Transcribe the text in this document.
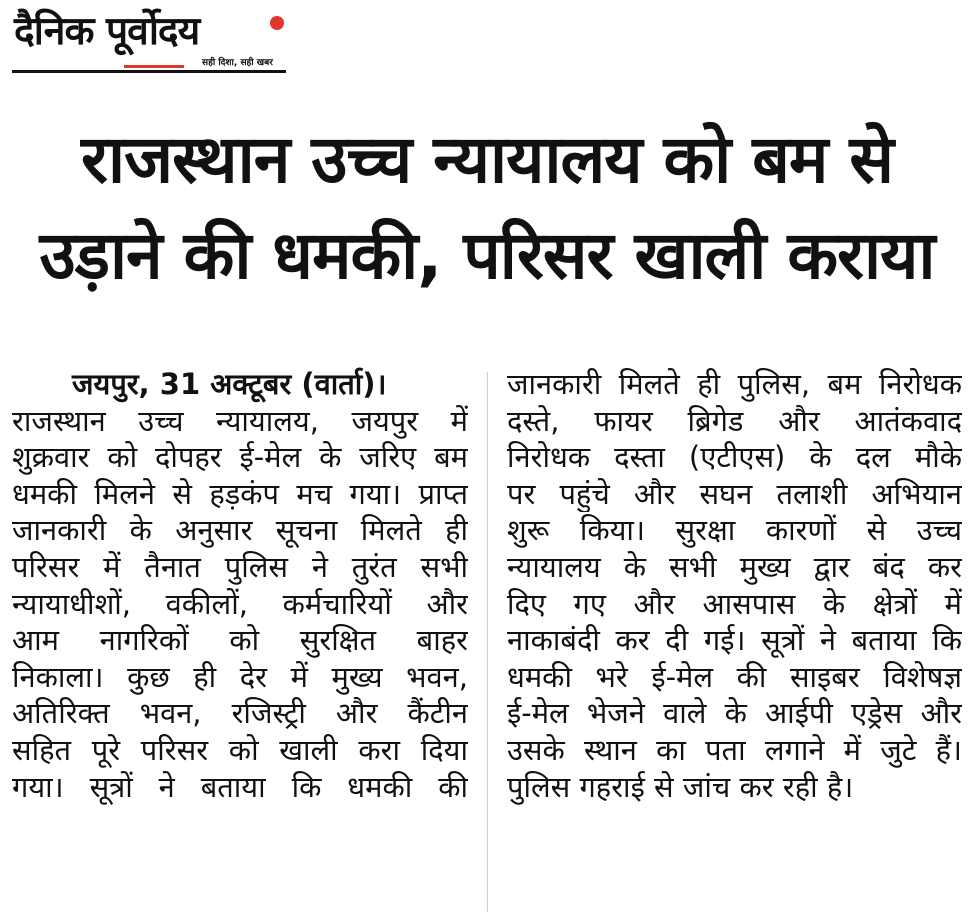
दैनिक पूर्वोदय
सही दिशा, सही खबर
राजस्थान उच्च न्यायालय को बम से
उड़ाने की धमकी, परिसर खाली कराया
जयपुर, 31 अक्टूबर (वार्ता)।
राजस्थान उच्च न्यायालय, जयपुर में
शुक्रवार को दोपहर ई-मेल के जरिए बम
धमकी मिलने से हड़कंप मच गया। प्राप्त
जानकारी के अनुसार सूचना मिलते ही
परिसर में तैनात पुलिस ने तुरंत सभी
न्यायाधीशों, वकीलों, कर्मचारियों और
आम नागरिकों को सुरक्षित बाहर
निकाला। कुछ ही देर में मुख्य भवन,
अतिरिक्त भवन, रजिस्ट्री और कैंटीन
सहित पूरे परिसर को खाली करा दिया
गया। सूत्रों ने बताया कि धमकी की
जानकारी मिलते ही पुलिस, बम निरोधक
दस्ते, फायर ब्रिगेड और आतंकवाद
निरोधक दस्ता (एटीएस) के दल मौके
पर पहुंचे और सघन तलाशी अभियान
शुरू किया। सुरक्षा कारणों से उच्च
न्यायालय के सभी मुख्य द्वार बंद कर
दिए गए और आसपास के क्षेत्रों में
नाकाबंदी कर दी गई। सूत्रों ने बताया कि
धमकी भरे ई-मेल की साइबर विशेषज्ञ
ई-मेल भेजने वाले के आईपी एड्रेस और
उसके स्थान का पता लगाने में जुटे हैं।
पुलिस गहराई से जांच कर रही है।
